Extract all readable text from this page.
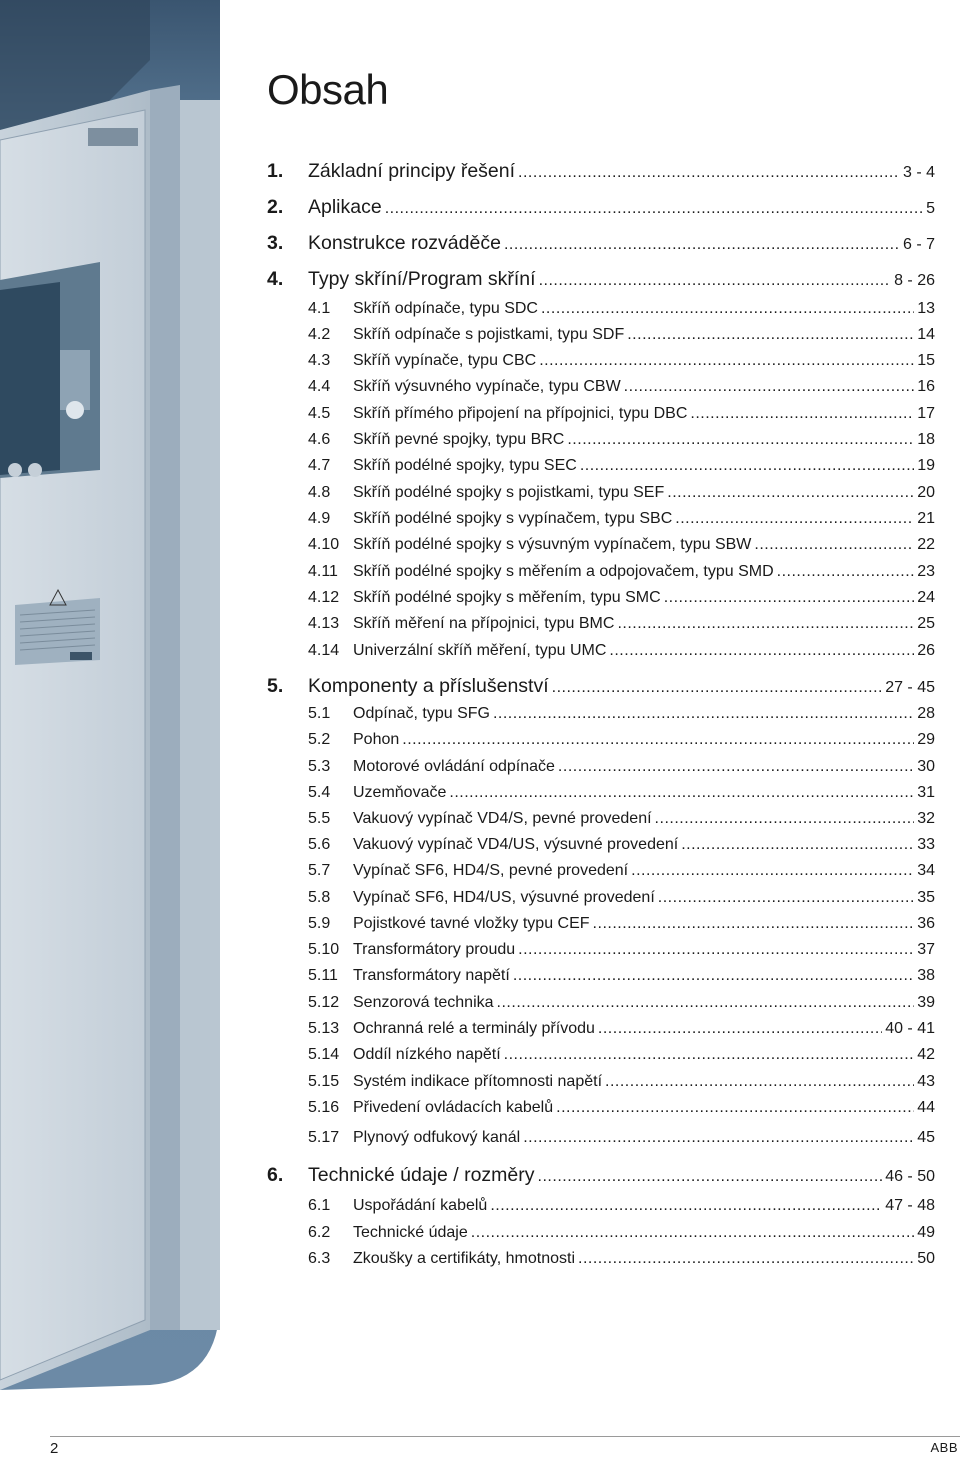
Obsah
1.	Základní principy řešení .....	3 - 4
2.	Aplikace .....	5
3.	Konstrukce rozváděče .....	6 - 7
4.	Typy skříní/Program skříní .....	8 - 26
4.1	Skříň odpínače, typu SDC .....	13
4.2	Skříň odpínače s pojistkami, typu SDF .....	14
4.3	Skříň vypínače, typu CBC .....	15
4.4	Skříň výsuvného vypínače, typu CBW .....	16
4.5	Skříň přímého připojení na přípojnici, typu DBC .....	17
4.6	Skříň pevné spojky, typu BRC .....	18
4.7	Skříň podélné spojky, typu SEC .....	19
4.8	Skříň podélné spojky s pojistkami, typu SEF .....	20
4.9	Skříň podélné spojky s vypínačem, typu SBC .....	21
4.10 Skříň podélné spojky s výsuvným vypínačem, typu SBW .....	22
4.11 Skříň podélné spojky s měřením a odpojovačem, typu SMD .....	23
4.12 Skříň podélné spojky s měřením, typu SMC .....	24
4.13 Skříň měření na přípojnici, typu BMC .....	25
4.14 Univerzální skříň měření, typu UMC .....	26
5.	Komponenty a příslušenství .....	27 - 45
5.1	Odpínač, typu SFG .....	28
5.2	Pohon .....	29
5.3	Motorové ovládání odpínače .....	30
5.4	Uzemňovače .....	31
5.5	Vakuový vypínač VD4/S, pevné provedení .....	32
5.6	Vakuový vypínač VD4/US, výsuvné provedení .....	33
5.7	Vypínač SF6, HD4/S, pevné provedení .....	34
5.8	Vypínač SF6, HD4/US, výsuvné provedení .....	35
5.9	Pojistkové tavné vložky typu CEF .....	36
5.10 Transformátory proudu .....	37
5.11 Transformátory napětí .....	38
5.12 Senzorová technika .....	39
5.13 Ochranná relé a terminály přívodu .....	40 - 41
5.14 Oddíl nízkého napětí .....	42
5.15 Systém indikace přítomnosti napětí .....	43
5.16 Přivedení ovládacích kabelů .....	44
5.17 Plynový odfukový kanál .....	45
6.	Technické údaje / rozměry .....	46 - 50
6.1	Uspořádání kabelů .....	47 - 48
6.2	Technické údaje .....	49
6.3	Zkoušky a certifikáty, hmotnosti .....	50
2	ABB
